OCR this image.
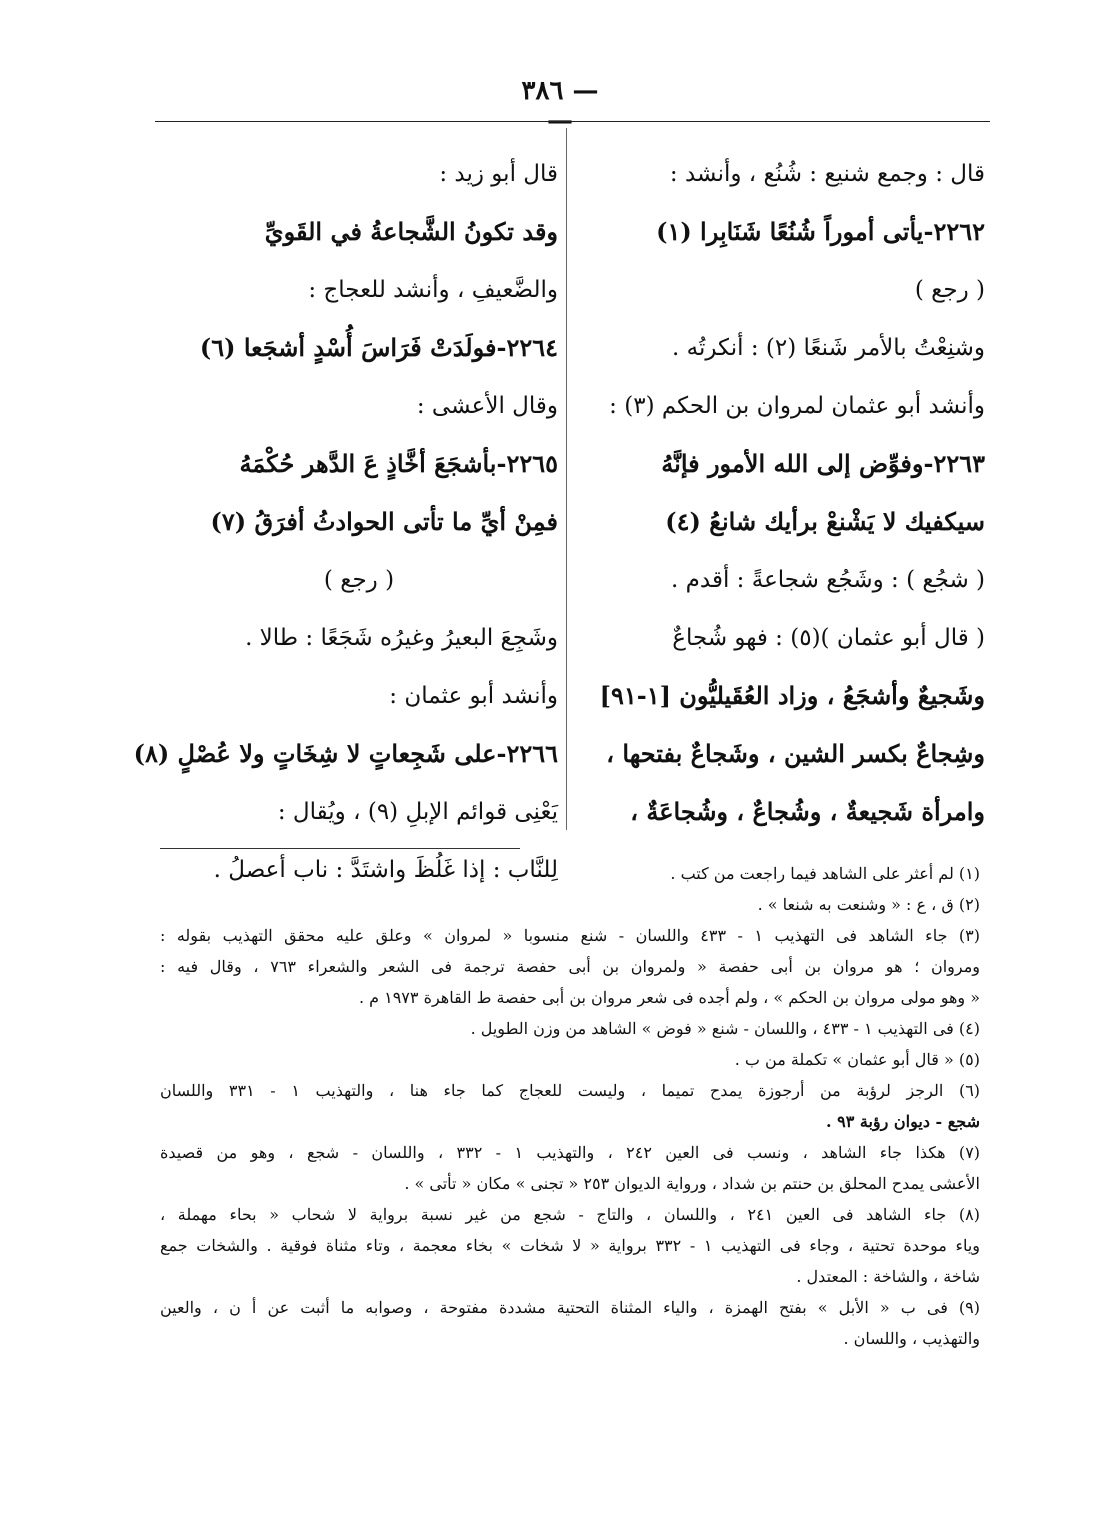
— ٣٨٦ —
قال : وجمع شنيع : شُنُع ، وأنشد :
٢٢٦٢-يأتى أموراً شُنُعًا شَنَابِرا (١)
( رجع )
وشنِعْتُ بالأمر شَنعًا (٢) : أنكرتُه .
وأنشد أبو عثمان لمروان بن الحكم (٣) :
٢٢٦٣-وفوِّض إلى الله الأمور فإنَّهُ
سيكفيك لا يَشْنعْ برأيك شانعُ (٤)
( شجُع ) : وشَجُع شجاعةً : أقدم .
( قال أبو عثمان )(٥) : فهو شُجاعٌ
وشَجيعٌ وأشجَعُ ، وزاد العُقَيليُّون [١-٩١]
وشِجاعٌ بكسر الشين ، وشَجاعٌ بفتحها ،
وامرأة شَجيعةٌ ، وشُجاعٌ ، وشُجاعَةٌ ،
قال أبو زيد :
وقد تكونُ الشَّجاعةُ في القَويِّ
والضَّعيفِ ، وأنشد للعجاج :
٢٢٦٤-فولَدَتْ فَرَاسَ أُسْدٍ أشجَعا (٦)
وقال الأعشى :
٢٢٦٥-بأشجَعَ أخَّاذٍ عَ الدَّهر حُكْمَهُ
فمِنْ أيِّ ما تأتى الحوادثُ أفرَقُ (٧)
( رجع )
وشَجِعَ البعيرُ وغيرُه شَجَعًا : طالا .
وأنشد أبو عثمان :
٢٢٦٦-على شَجِعاتٍ لا شِخَاتٍ ولا عُصْلٍ (٨)
يَعْنِى قوائم الإبلِ (٩) ، ويُقال :
لِلنَّاب : إذا غَلُظَ واشتَدَّ : ناب أعصلُ .	(١) لم أعثر على الشاهد فيما راجعت من كتب .
(٢) ق ، ع : « وشنعت به شنعا » .
(٣) جاء الشاهد فى التهذيب ١ - ٤٣٣ واللسان - شنع منسوبا « لمروان » وعلق عليه محقق التهذيب بقوله :
ومروان ؛ هو مروان بن أبى حفصة « ولمروان بن أبى حفصة ترجمة فى الشعر والشعراء ٧٦٣ ، وقال فيه :
« وهو مولى مروان بن الحكم » ، ولم أجده فى شعر مروان بن أبى حفصة ط القاهرة ١٩٧٣ م .
(٤) فى التهذيب ١ - ٤٣٣ ، واللسان - شنع « فوض » الشاهد من وزن الطويل .
(٥) « قال أبو عثمان » تكملة من ب .
(٦) الرجز لرؤبة من أرجوزة يمدح تميما ، وليست للعجاج كما جاء هنا ، والتهذيب ١ - ٣٣١ واللسان
شجع - ديوان رؤبة ٩٣ .
(٧) هكذا جاء الشاهد ، ونسب فى العين ٢٤٢ ، والتهذيب ١ - ٣٣٢ ، واللسان - شجع ، وهو من قصيدة
الأعشى يمدح المحلق بن حنتم بن شداد ، ورواية الديوان ٢٥٣ « تجنى » مكان « تأتى » .
(٨) جاء الشاهد فى العين ٢٤١ ، واللسان ، والتاج - شجع من غير نسبة برواية لا شحاب « بحاء مهملة ،
وياء موحدة تحتية ، وجاء فى التهذيب ١ - ٣٣٢ برواية « لا شخات » بخاء معجمة ، وتاء مثناة فوقية . والشخات جمع
شاخة ، والشاخة : المعتدل .
(٩) فى ب « الأبل » بفتح الهمزة ، والياء المثناة التحتية مشددة مفتوحة ، وصوابه ما أثبت عن أ ن ، والعين
والتهذيب ، واللسان .
